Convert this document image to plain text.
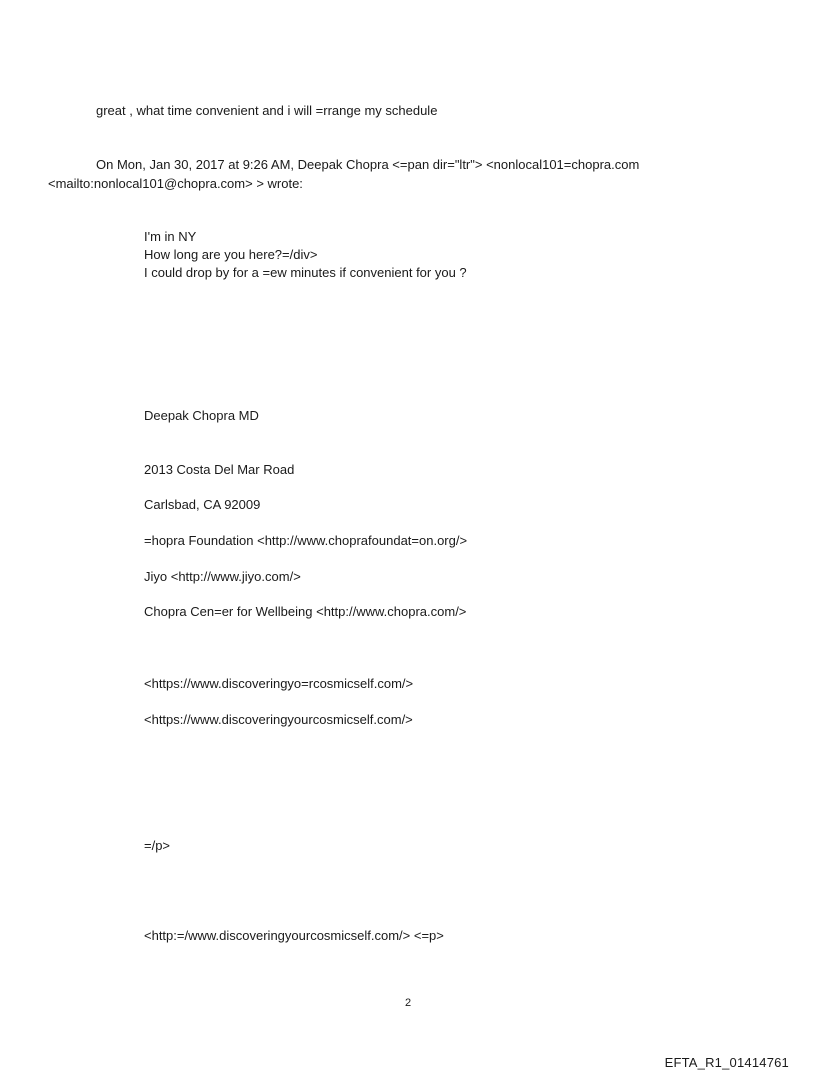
great , what time convenient and i will =rrange my schedule
On Mon, Jan 30, 2017 at 9:26 AM, Deepak Chopra <=pan dir="ltr"> <nonlocal101=chopra.com
<mailto:nonlocal101@chopra.com> > wrote:
I'm in NY
How long are you here?=/div>
I could drop by for a =ew minutes if convenient for you ?
Deepak Chopra MD
2013 Costa Del Mar Road
Carlsbad, CA 92009
=hopra Foundation <http://www.choprafoundat=on.org/>
Jiyo <http://www.jiyo.com/>
Chopra Cen=er for Wellbeing <http://www.chopra.com/>
<https://www.discoveringyo=rcosmicself.com/>
<https://www.discoveringyourcosmicself.com/>
=/p>
<http:=/www.discoveringyourcosmicself.com/> <=p>
2
EFTA_R1_01414761
